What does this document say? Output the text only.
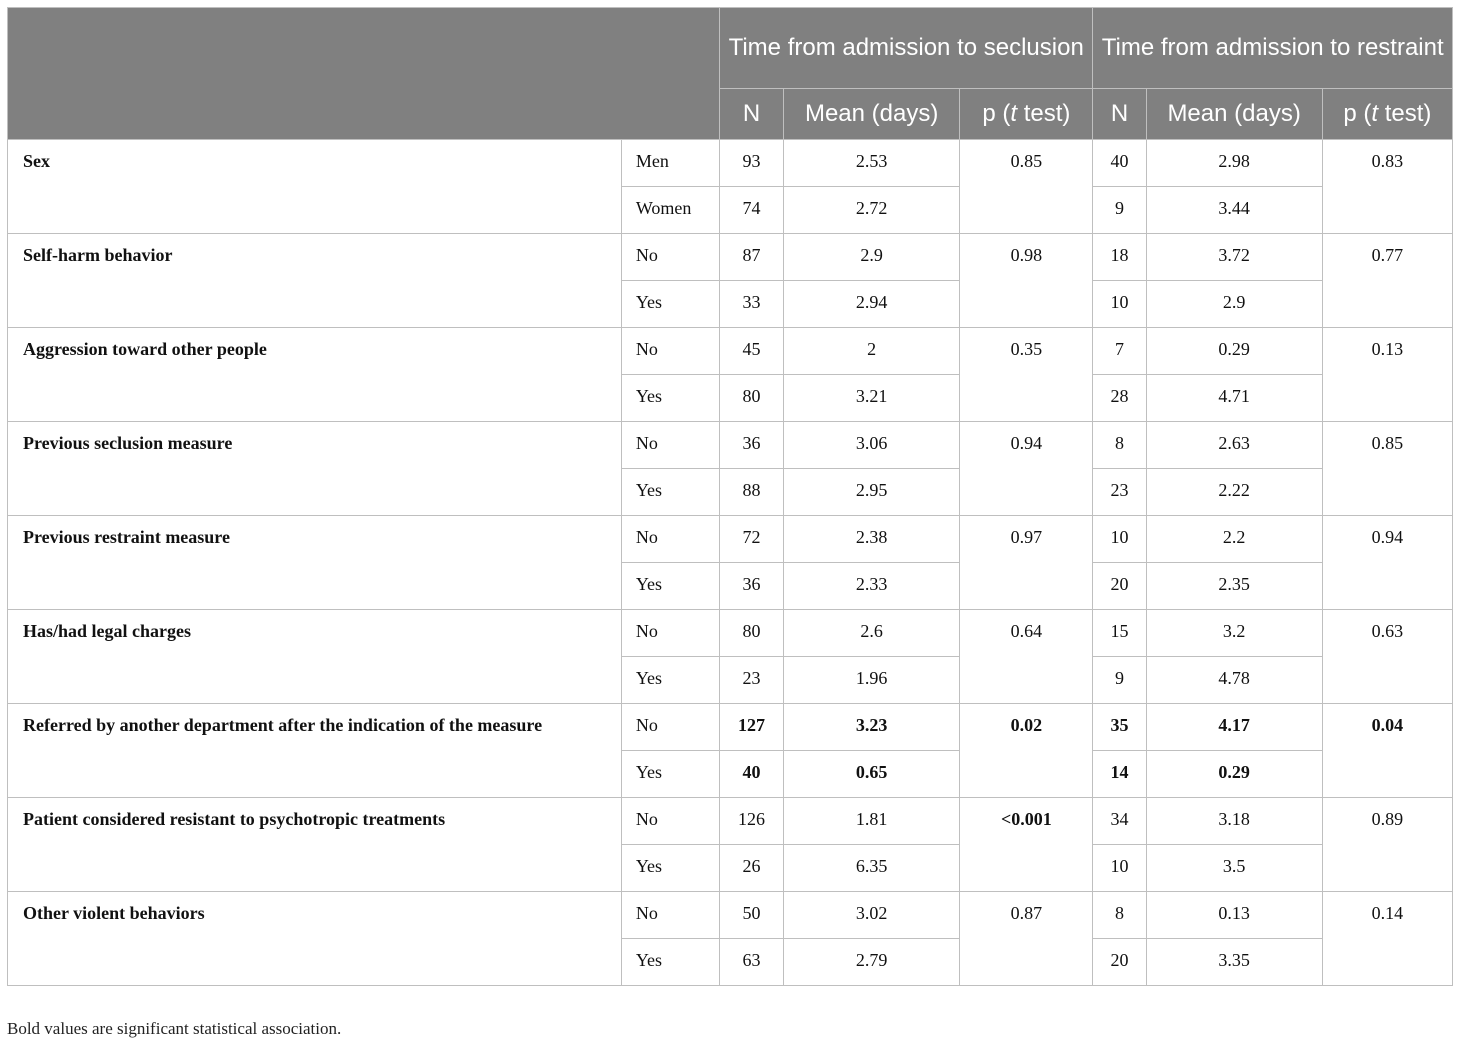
		Time from admission to seclusion			Time from admission to restraint		
		N	Mean (days)	p (t test)	N	Mean (days)	p (t test)
Sex	Men	93	2.53	0.85	40	2.98	0.83
	Women	74	2.72		9	3.44	
Self-harm behavior	No	87	2.9	0.98	18	3.72	0.77
	Yes	33	2.94		10	2.9	
Aggression toward other people	No	45	2	0.35	7	0.29	0.13
	Yes	80	3.21		28	4.71	
Previous seclusion measure	No	36	3.06	0.94	8	2.63	0.85
	Yes	88	2.95		23	2.22	
Previous restraint measure	No	72	2.38	0.97	10	2.2	0.94
	Yes	36	2.33		20	2.35	
Has/had legal charges	No	80	2.6	0.64	15	3.2	0.63
	Yes	23	1.96		9	4.78	
Referred by another department after the indication of the measure	No	127	3.23	0.02	35	4.17	0.04
	Yes	40	0.65		14	0.29	
Patient considered resistant to psychotropic treatments	No	126	1.81	<0.001	34	3.18	0.89
	Yes	26	6.35		10	3.5	
Other violent behaviors	No	50	3.02	0.87	8	0.13	0.14
	Yes	63	2.79		20	3.35	
Bold values are significant statistical association.
